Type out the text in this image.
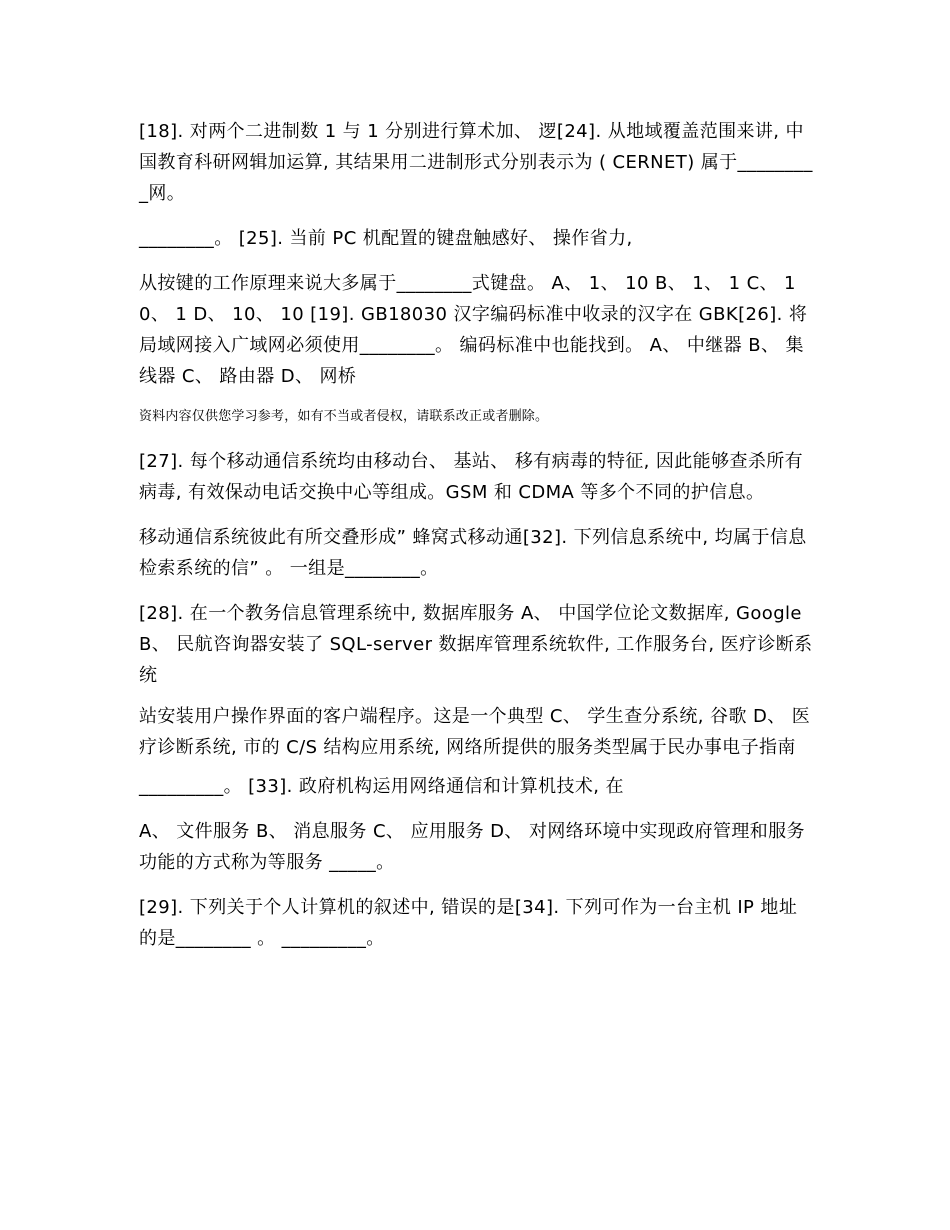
[18]. 对两个二进制数 1 与 1 分别进行算术加、 逻[24]. 从地域覆盖范围来讲, 中国教育科研网辑加运算, 其结果用二进制形式分别表示为 ( CERNET) 属于_________网。

________。 [25]. 当前 PC 机配置的键盘触感好、 操作省力,

从按键的工作原理来说大多属于________式键盘。 A、 1、 10 B、 1、 1 C、 10、 1 D、 10、 10 [19]. GB18030 汉字编码标准中收录的汉字在 GBK[26]. 将局域网接入广域网必须使用________。 编码标准中也能找到。 A、 中继器 B、 集线器 C、 路由器 D、 网桥

资料内容仅供您学习参考，如有不当或者侵权，请联系改正或者删除。

[27]. 每个移动通信系统均由移动台、 基站、 移有病毒的特征, 因此能够查杀所有病毒, 有效保动电话交换中心等组成。GSM 和 CDMA 等多个不同的护信息。

移动通信系统彼此有所交叠形成” 蜂窝式移动通[32]. 下列信息系统中, 均属于信息检索系统的信” 。 一组是________。

[28]. 在一个教务信息管理系统中, 数据库服务 A、 中国学位论文数据库, Google B、 民航咨询器安装了 SQL-server 数据库管理系统软件, 工作服务台, 医疗诊断系统

站安装用户操作界面的客户端程序。这是一个典型 C、 学生查分系统, 谷歌 D、 医疗诊断系统, 市的 C/S 结构应用系统, 网络所提供的服务类型属于民办事电子指南

_________。 [33]. 政府机构运用网络通信和计算机技术, 在

A、 文件服务 B、 消息服务 C、 应用服务 D、 对网络环境中实现政府管理和服务功能的方式称为等服务 _____。

[29]. 下列关于个人计算机的叙述中, 错误的是[34]. 下列可作为一台主机 IP 地址的是________ 。 _________。
